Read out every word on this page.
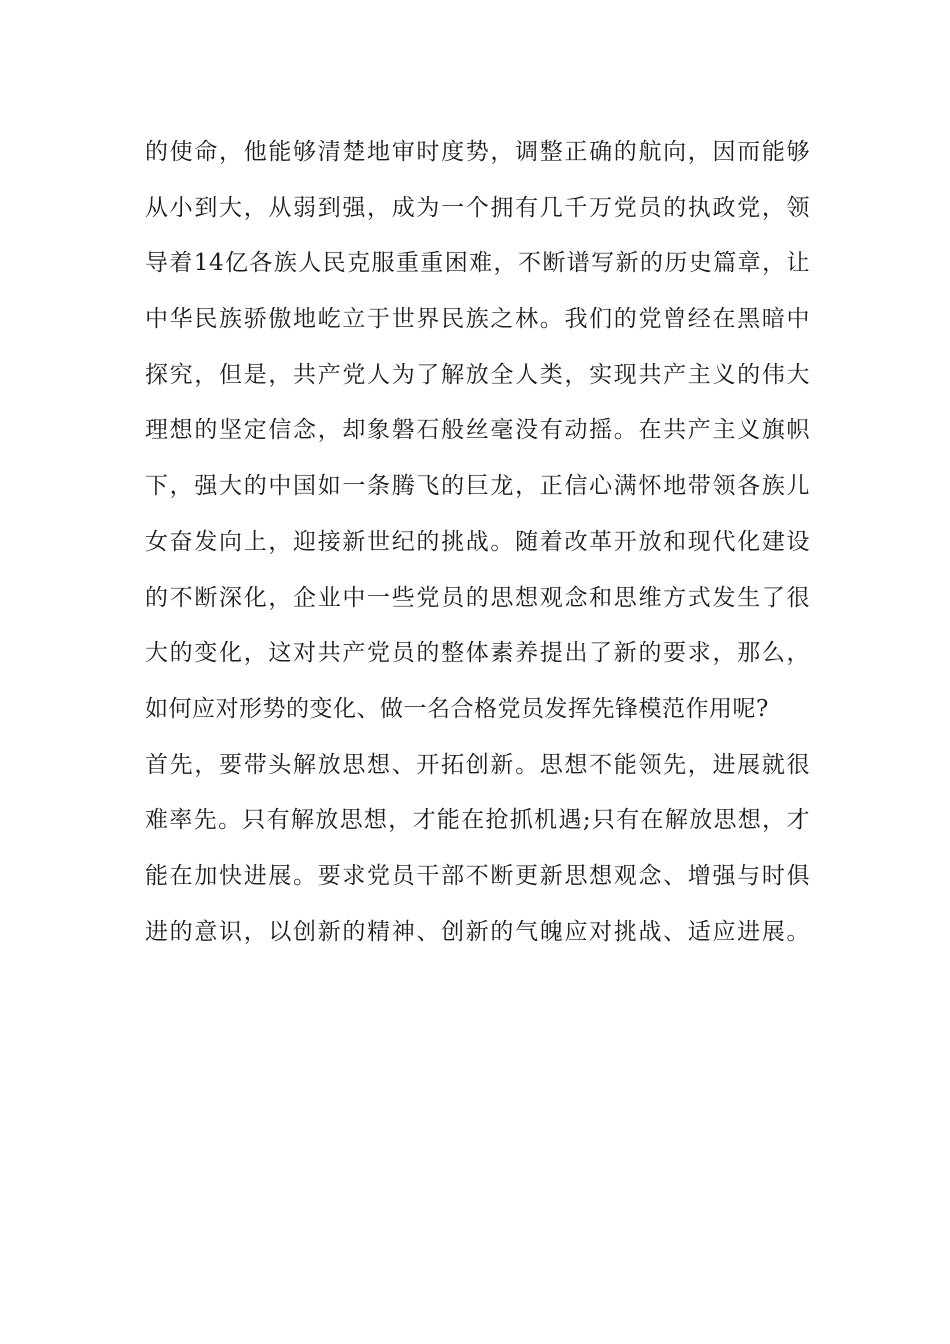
的使命，他能够清楚地审时度势，调整正确的航向，因而能够
从小到大，从弱到强，成为一个拥有几千万党员的执政党，领
导着14亿各族人民克服重重困难，不断谱写新的历史篇章，让
中华民族骄傲地屹立于世界民族之林。我们的党曾经在黑暗中
探究，但是，共产党人为了解放全人类，实现共产主义的伟大
理想的坚定信念，却象磐石般丝毫没有动摇。在共产主义旗帜
下，强大的中国如一条腾飞的巨龙，正信心满怀地带领各族儿
女奋发向上，迎接新世纪的挑战。随着改革开放和现代化建设
的不断深化，企业中一些党员的思想观念和思维方式发生了很
大的变化，这对共产党员的整体素养提出了新的要求，那么，
如何应对形势的变化、做一名合格党员发挥先锋模范作用呢?
首先，要带头解放思想、开拓创新。思想不能领先，进展就很
难率先。只有解放思想，才能在抢抓机遇;只有在解放思想，才
能在加快进展。要求党员干部不断更新思想观念、增强与时俱
进的意识，以创新的精神、创新的气魄应对挑战、适应进展。
